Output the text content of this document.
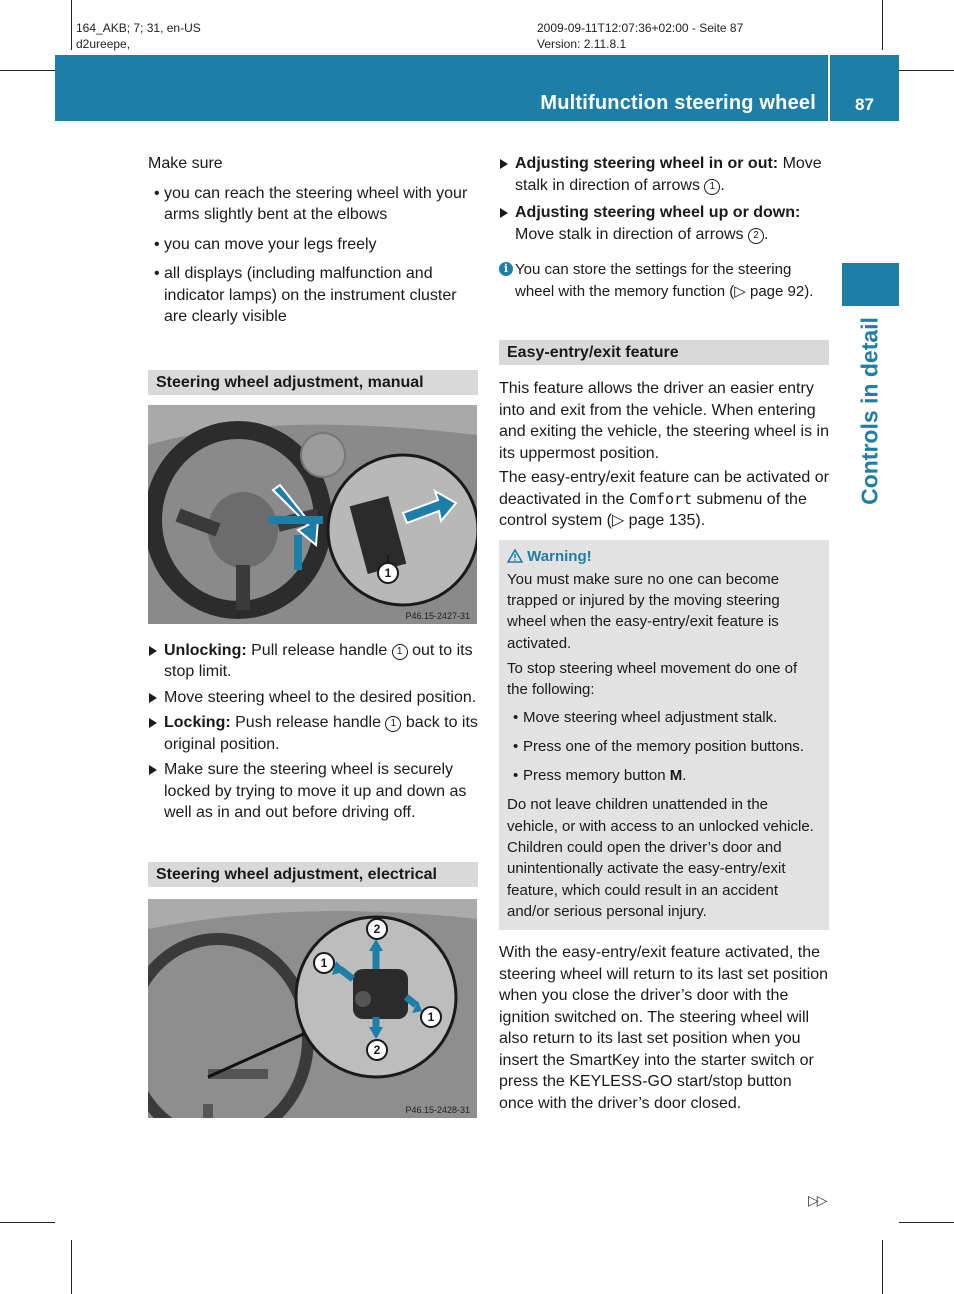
164_AKB; 7; 31, en-US
d2ureepe,
2009-09-11T12:07:36+02:00 - Seite 87
Version: 2.11.8.1
Multifunction steering wheel	87
Controls in detail

Make sure

• you can reach the steering wheel with your arms slightly bent at the elbows
• you can move your legs freely
• all displays (including malfunction and indicator lamps) on the instrument cluster are clearly visible
Steering wheel adjustment, manual
1
P46.15-2427-31
Unlocking: Pull release handle 1 out to its stop limit.
Move steering wheel to the desired position.
Locking: Push release handle 1 back to its original position.
Make sure the steering wheel is securely locked by trying to move it up and down as well as in and out before driving off.
Steering wheel adjustment, electrical
2
1
1
2
P46.15-2428-31
Adjusting steering wheel in or out: Move stalk in direction of arrows 1 .
Adjusting steering wheel up or down: Move stalk in direction of arrows 2 .
i You can store the settings for the steering wheel with the memory function (▷ page 92).
Easy-entry/exit feature

This feature allows the driver an easier entry into and exit from the vehicle. When entering and exiting the vehicle, the steering wheel is in its uppermost position.

The easy-entry/exit feature can be activated or deactivated in the Comfort submenu of the control system (▷ page 135).

Warning!

You must make sure no one can become trapped or injured by the moving steering wheel when the easy-entry/exit feature is activated.

To stop steering wheel movement do one of the following:

• Move steering wheel adjustment stalk.
• Press one of the memory position buttons.
• Press memory button M.

Do not leave children unattended in the vehicle, or with access to an unlocked vehicle. Children could open the driver’s door and unintentionally activate the easy-entry/exit feature, which could result in an accident and/or serious personal injury.

With the easy-entry/exit feature activated, the steering wheel will return to its last set position when you close the driver’s door with the ignition switched on. The steering wheel will also return to its last set position when you insert the SmartKey into the starter switch or press the KEYLESS-GO start/stop button once with the driver’s door closed.

▷▷
